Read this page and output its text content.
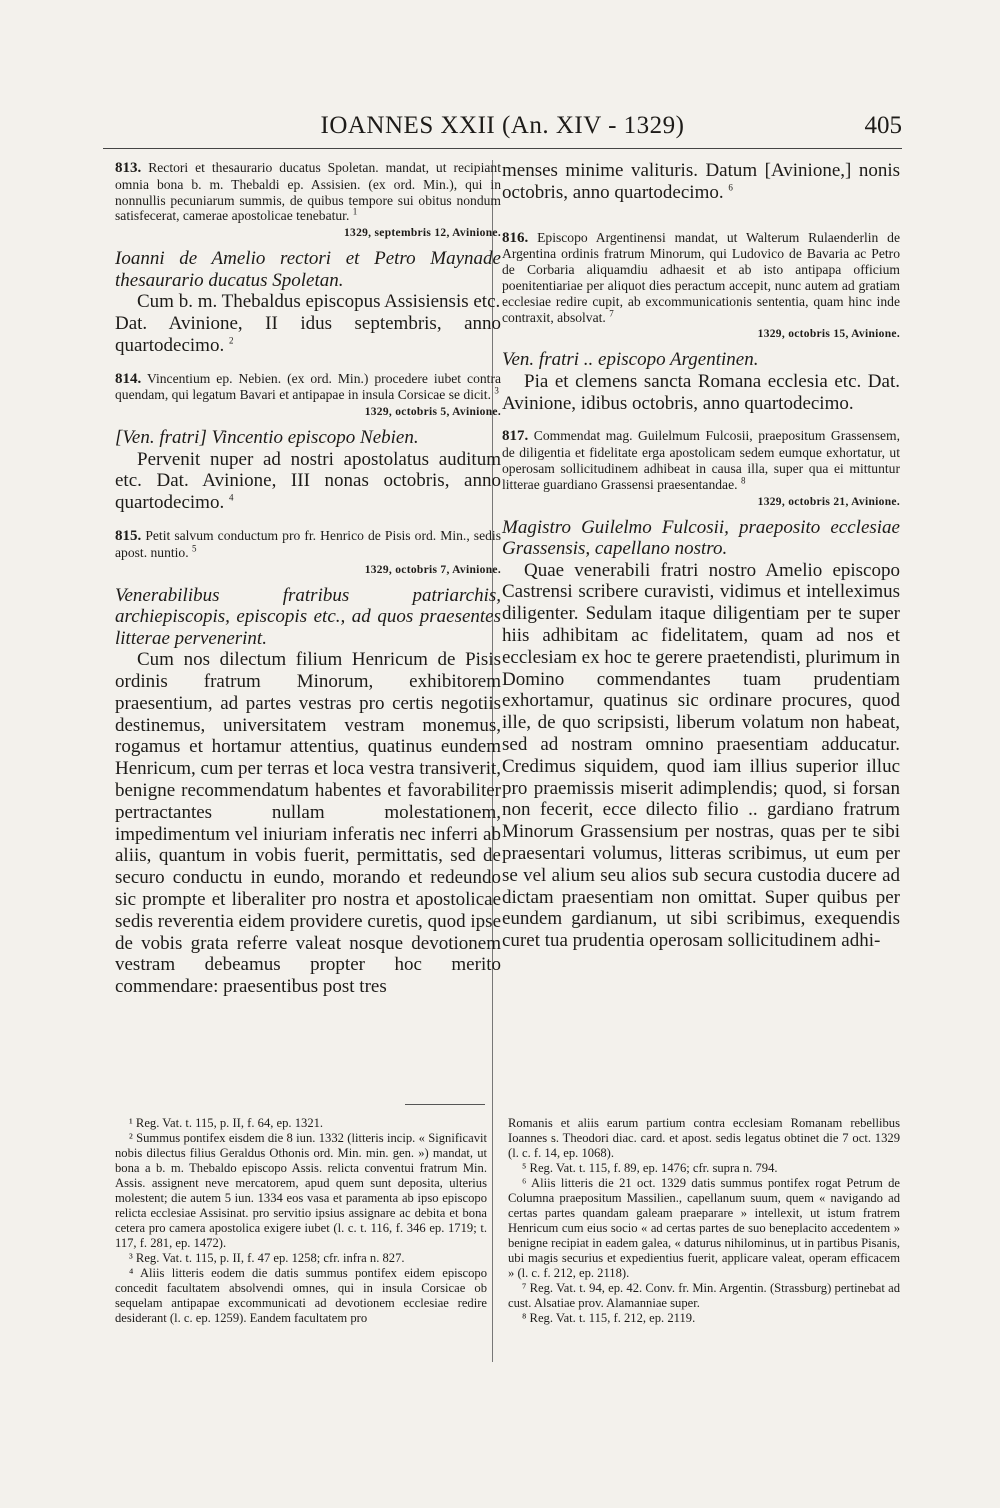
IOANNES XXII (An. XIV - 1329)	405
813. Rectori et thesaurario ducatus Spoletan. mandat, ut recipiant omnia bona b. m. Thebaldi ep. Assisien. (ex ord. Min.), qui in nonnullis pecuniarum summis, de quibus tempore sui obitus nondum satisfecerat, camerae apostolicae tenebatur. $^1$
1329, septembris 12, Avinione.
Ioanni de Amelio rectori et Petro Maynade thesaurario ducatus Spoletan.

Cum b. m. Thebaldus episcopus Assisiensis etc.

Dat. Avinione, II idus septembris, anno quartodecimo. $^2$

814. Vincentium ep. Nebien. (ex ord. Min.) procedere iubet contra quendam, qui legatum Bavari et antipapae in insula Corsicae se dicit. $^3$
1329, octobris 5, Avinione.
[Ven. fratri] Vincentio episcopo Nebien.

Pervenit nuper ad nostri apostolatus auditum etc. Dat. Avinione, III nonas octobris, anno quartodecimo. $^4$

815. Petit salvum conductum pro fr. Henrico de Pisis ord. Min., sedis apost. nuntio. $^5$
1329, octobris 7, Avinione.
Venerabilibus fratribus patriarchis, archiepiscopis, episcopis etc., ad quos praesentes litterae pervenerint.

Cum nos dilectum filium Henricum de Pisis ordinis fratrum Minorum, exhibitorem praesentium, ad partes vestras pro certis negotiis destinemus, universitatem vestram monemus, rogamus et hortamur attentius, quatinus eundem Henricum, cum per terras et loca vestra transiverit, benigne recommendatum habentes et favorabiliter pertractantes nullam molestationem, impedimentum vel iniuriam inferatis nec inferri ab aliis, quantum in vobis fuerit, permittatis, sed de securo conductu in eundo, morando et redeundo sic prompte et liberaliter pro nostra et apostolicae sedis reverentia eidem providere curetis, quod ipse de vobis grata referre valeat nosque devotionem vestram debeamus propter hoc merito commendare: praesentibus post tres

menses minime valituris. Datum [Avinione,] nonis octobris, anno quartodecimo. $^6$

816. Episcopo Argentinensi mandat, ut Walterum Rulaenderlin de Argentina ordinis fratrum Minorum, qui Ludovico de Bavaria ac Petro de Corbaria aliquamdiu adhaesit et ab isto antipapa officium poenitentiariae per aliquot dies peractum accepit, nunc autem ad gratiam ecclesiae redire cupit, ab excommunicationis sententia, quam hinc inde contraxit, absolvat. $^7$
1329, octobris 15, Avinione.
Ven. fratri .. episcopo Argentinen.

Pia et clemens sancta Romana ecclesia etc. Dat. Avinione, idibus octobris, anno quartodecimo.

817. Commendat mag. Guilelmum Fulcosii, praepositum Grassensem, de diligentia et fidelitate erga apostolicam sedem eumque exhortatur, ut operosam sollicitudinem adhibeat in causa illa, super qua ei mittuntur litterae guardiano Grassensi praesentandae. $^8$
1329, octobris 21, Avinione.
Magistro Guilelmo Fulcosii, praeposito ecclesiae Grassensis, capellano nostro.

Quae venerabili fratri nostro Amelio episcopo Castrensi scribere curavisti, vidimus et intelleximus diligenter. Sedulam itaque diligentiam per te super hiis adhibitam ac fidelitatem, quam ad nos et ecclesiam ex hoc te gerere praetendisti, plurimum in Domino commendantes tuam prudentiam exhortamur, quatinus sic ordinare procures, quod ille, de quo scripsisti, liberum volatum non habeat, sed ad nostram omnino praesentiam adducatur. Credimus siquidem, quod iam illius superior illuc pro praemissis miserit adimplendis; quod, si forsan non fecerit, ecce dilecto filio .. gardiano fratrum Minorum Grassensium per nostras, quas per te sibi praesentari volumus, litteras scribimus, ut eum per se vel alium seu alios sub secura custodia ducere ad dictam praesentiam non omittat. Super quibus per eundem gardianum, ut sibi scribimus, exequendis curet tua prudentia operosam sollicitudinem adhi-

¹ Reg. Vat. t. 115, p. II, f. 64, ep. 1321.

² Summus pontifex eisdem die 8 iun. 1332 (litteris incip. « Significavit nobis dilectus filius Geraldus Othonis ord. Min. min. gen. ») mandat, ut bona a b. m. Thebaldo episcopo Assis. relicta conventui fratrum Min. Assis. assignent neve mercatorem, apud quem sunt deposita, ulterius molestent; die autem 5 iun. 1334 eos vasa et paramenta ab ipso episcopo relicta ecclesiae Assisinat. pro servitio ipsius assignare ac debita et bona cetera pro camera apostolica exigere iubet (l. c. t. 116, f. 346 ep. 1719; t. 117, f. 281, ep. 1472).

³ Reg. Vat. t. 115, p. II, f. 47 ep. 1258; cfr. infra n. 827.

⁴ Aliis litteris eodem die datis summus pontifex eidem episcopo concedit facultatem absolvendi omnes, qui in insula Corsicae ob sequelam antipapae excommunicati ad devotionem ecclesiae redire desiderant (l. c. ep. 1259). Eandem facultatem pro

Romanis et aliis earum partium contra ecclesiam Romanam rebellibus Ioannes s. Theodori diac. card. et apost. sedis legatus obtinet die 7 oct. 1329 (l. c. f. 14, ep. 1068).

⁵ Reg. Vat. t. 115, f. 89, ep. 1476; cfr. supra n. 794.

⁶ Aliis litteris die 21 oct. 1329 datis summus pontifex rogat Petrum de Columna praepositum Massilien., capellanum suum, quem « navigando ad certas partes quandam galeam praeparare » intellexit, ut istum fratrem Henricum cum eius socio « ad certas partes de suo beneplacito accedentem » benigne recipiat in eadem galea, « daturus nihilominus, ut in partibus Pisanis, ubi magis securius et expedientius fuerit, applicare valeat, operam efficacem » (l. c. f. 212, ep. 2118).

⁷ Reg. Vat. t. 94, ep. 42. Conv. fr. Min. Argentin. (Strassburg) pertinebat ad cust. Alsatiae prov. Alamanniae super.

⁸ Reg. Vat. t. 115, f. 212, ep. 2119.
